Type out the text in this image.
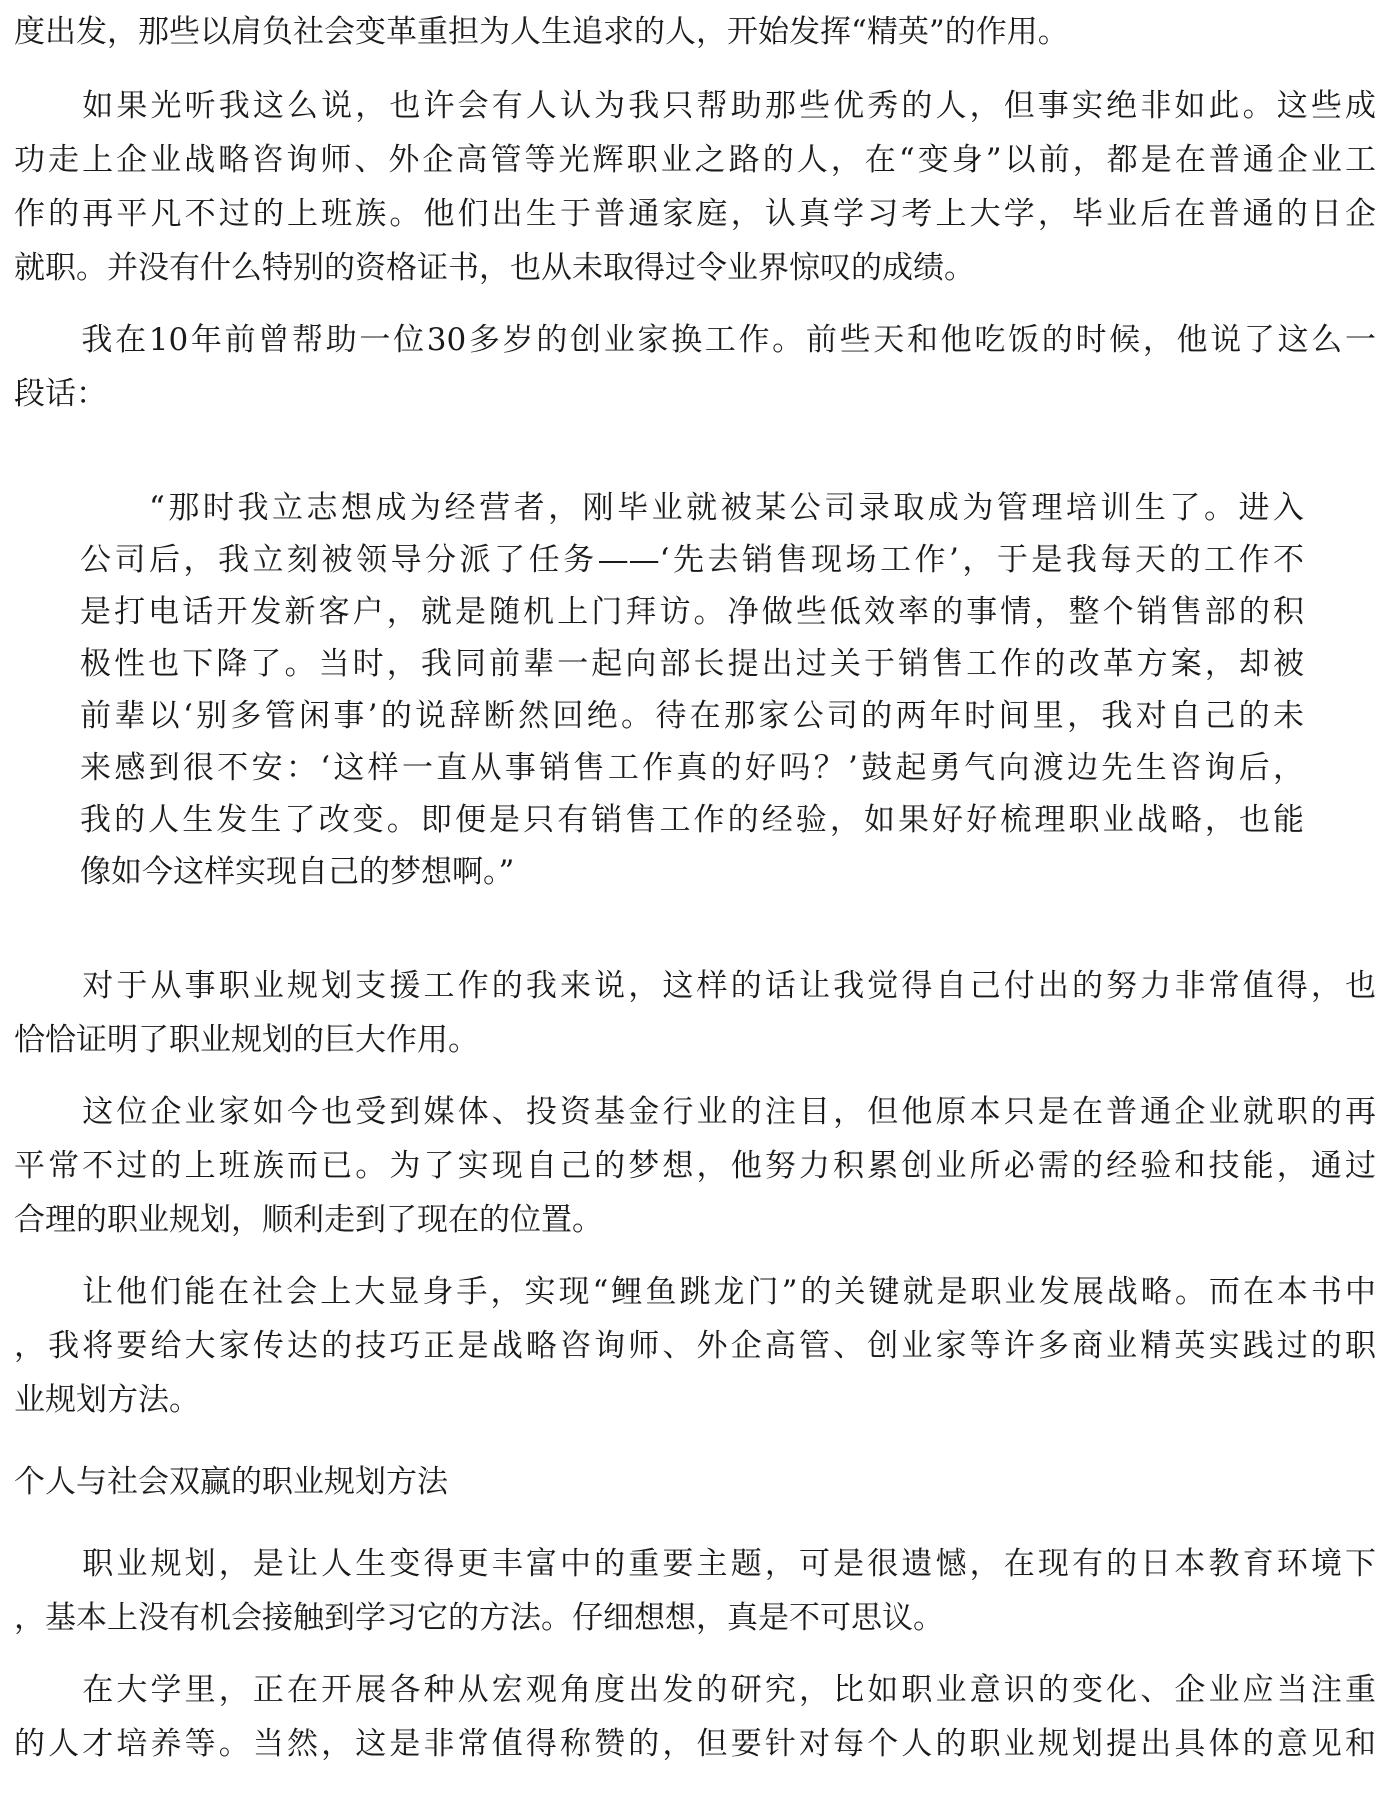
度出发，那些以肩负社会变革重担为人生追求的人，开始发挥“精英”的作用。
　　如果光听我这么说，也许会有人认为我只帮助那些优秀的人，但事实绝非如此。这些成
功走上企业战略咨询师、外企高管等光辉职业之路的人，在“变身”以前，都是在普通企业工
作的再平凡不过的上班族。他们出生于普通家庭，认真学习考上大学，毕业后在普通的日企
就职。并没有什么特别的资格证书，也从未取得过令业界惊叹的成绩。
　　我在10年前曾帮助一位30多岁的创业家换工作。前些天和他吃饭的时候，他说了这么一
段话：
　　“那时我立志想成为经营者，刚毕业就被某公司录取成为管理培训生了。进入
公司后，我立刻被领导分派了任务——‘先去销售现场工作’，于是我每天的工作不
是打电话开发新客户，就是随机上门拜访。净做些低效率的事情，整个销售部的积
极性也下降了。当时，我同前辈一起向部长提出过关于销售工作的改革方案，却被
前辈以‘别多管闲事’的说辞断然回绝。待在那家公司的两年时间里，我对自己的未
来感到很不安：‘这样一直从事销售工作真的好吗？’鼓起勇气向渡边先生咨询后，
我的人生发生了改变。即便是只有销售工作的经验，如果好好梳理职业战略，也能
像如今这样实现自己的梦想啊。”
　　对于从事职业规划支援工作的我来说，这样的话让我觉得自己付出的努力非常值得，也
恰恰证明了职业规划的巨大作用。
　　这位企业家如今也受到媒体、投资基金行业的注目，但他原本只是在普通企业就职的再
平常不过的上班族而已。为了实现自己的梦想，他努力积累创业所必需的经验和技能，通过
合理的职业规划，顺利走到了现在的位置。
　　让他们能在社会上大显身手，实现“鲤鱼跳龙门”的关键就是职业发展战略。而在本书中
，我将要给大家传达的技巧正是战略咨询师、外企高管、创业家等许多商业精英实践过的职
业规划方法。
个人与社会双赢的职业规划方法
　　职业规划，是让人生变得更丰富中的重要主题，可是很遗憾，在现有的日本教育环境下
，基本上没有机会接触到学习它的方法。仔细想想，真是不可思议。
　　在大学里，正在开展各种从宏观角度出发的研究，比如职业意识的变化、企业应当注重
的人才培养等。当然，这是非常值得称赞的，但要针对每个人的职业规划提出具体的意见和
